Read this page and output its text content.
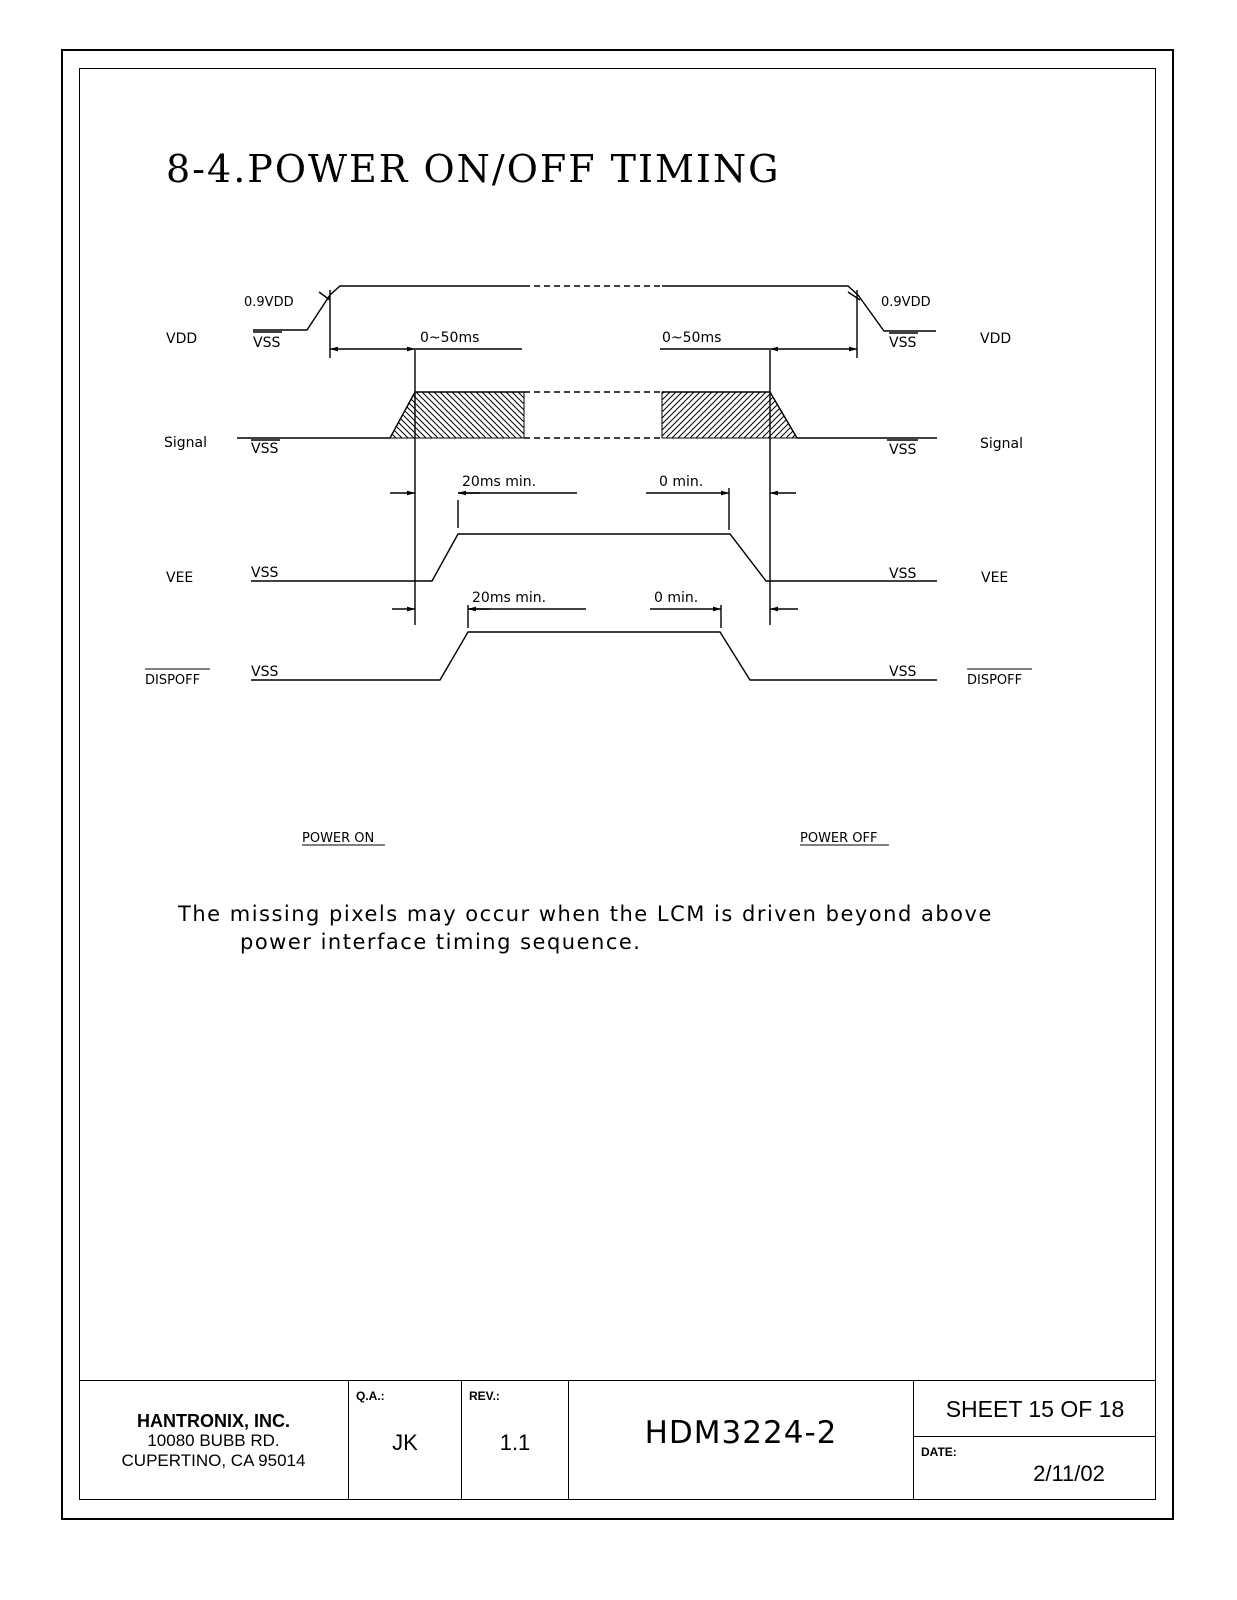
8-4.POWER ON/OFF TIMING
VDD	VDD
Signal	Signal
VEE	VEE
DISPOFF	DISPOFF
0.9VDD	0.9VDD
VSS	VSS
VSS	VSS
VSS	VSS
VSS	VSS
0~50ms	0~50ms
20ms min.	0 min.
20ms min.	0 min.
POWER ON	POWER OFF
The missing pixels may occur when the LCM is driven beyond above
power interface timing sequence.
HANTRONIX, INC.
10080 BUBB RD.
CUPERTINO, CA 95014
Q.A.:
JK
REV.:
1.1	HDM3224-2
SHEET 15 OF 18
DATE:
2/11/02
